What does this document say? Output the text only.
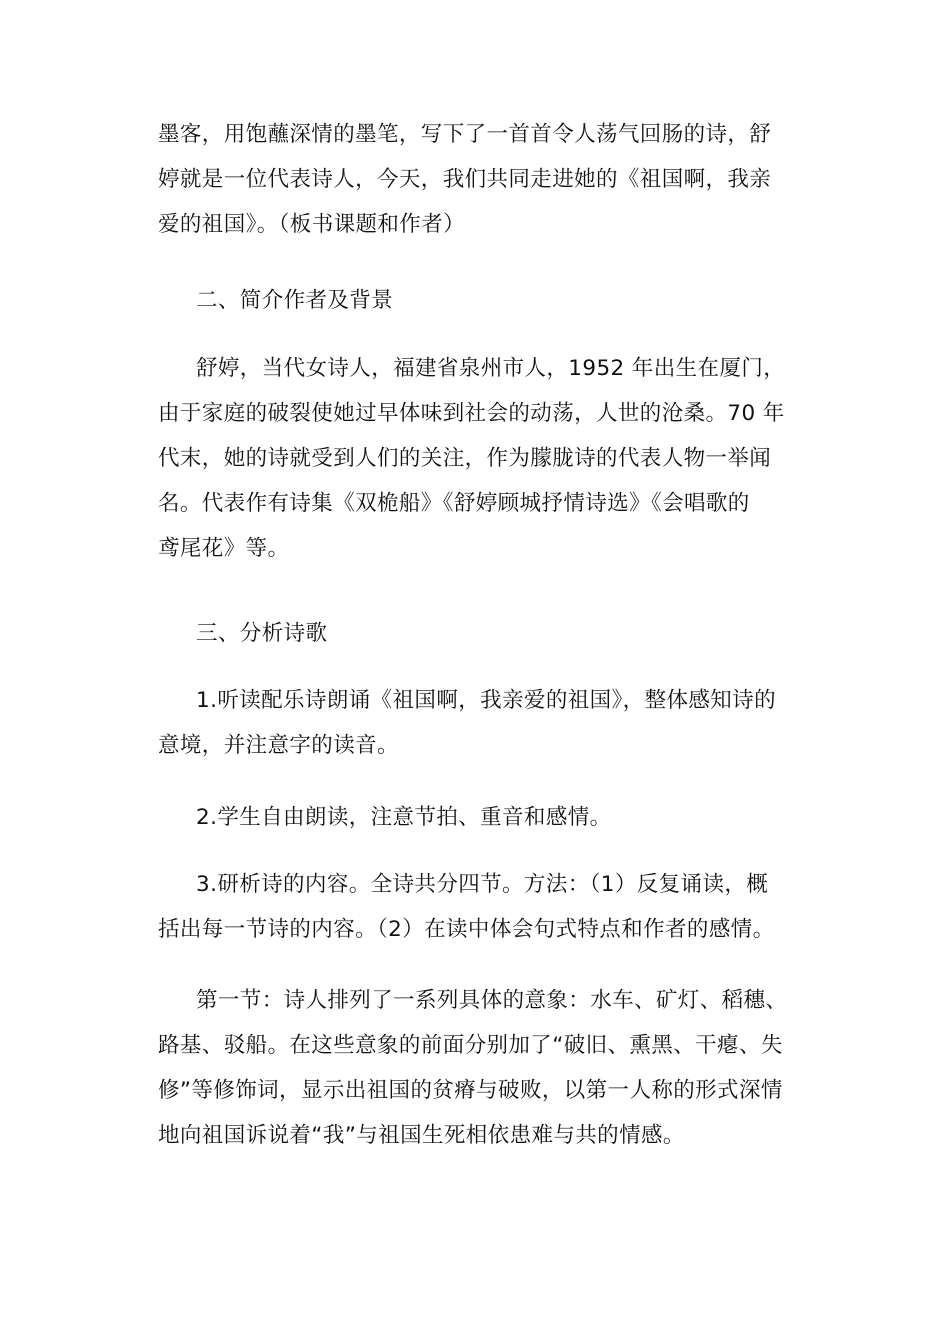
墨客，用饱蘸深情的墨笔，写下了一首首令人荡气回肠的诗，舒
婷就是一位代表诗人，今天，我们共同走进她的《祖国啊，我亲
爱的祖国》。（板书课题和作者）

二、简介作者及背景

舒婷，当代女诗人，福建省泉州市人，1952 年出生在厦门，
由于家庭的破裂使她过早体味到社会的动荡，人世的沧桑。70 年
代末，她的诗就受到人们的关注，作为朦胧诗的代表人物一举闻
名。代表作有诗集《双桅船》《舒婷顾城抒情诗选》《会唱歌的
鸢尾花》等。

三、分析诗歌

1.听读配乐诗朗诵《祖国啊，我亲爱的祖国》，整体感知诗的
意境，并注意字的读音。

2.学生自由朗读，注意节拍、重音和感情。

3.研析诗的内容。全诗共分四节。方法：（1）反复诵读，概
括出每一节诗的内容。（2）在读中体会句式特点和作者的感情。

第一节：诗人排列了一系列具体的意象：水车、矿灯、稻穗、
路基、驳船。在这些意象的前面分别加了“破旧、熏黑、干瘪、失
修”等修饰词，显示出祖国的贫瘠与破败，以第一人称的形式深情
地向祖国诉说着“我”与祖国生死相依患难与共的情感。
